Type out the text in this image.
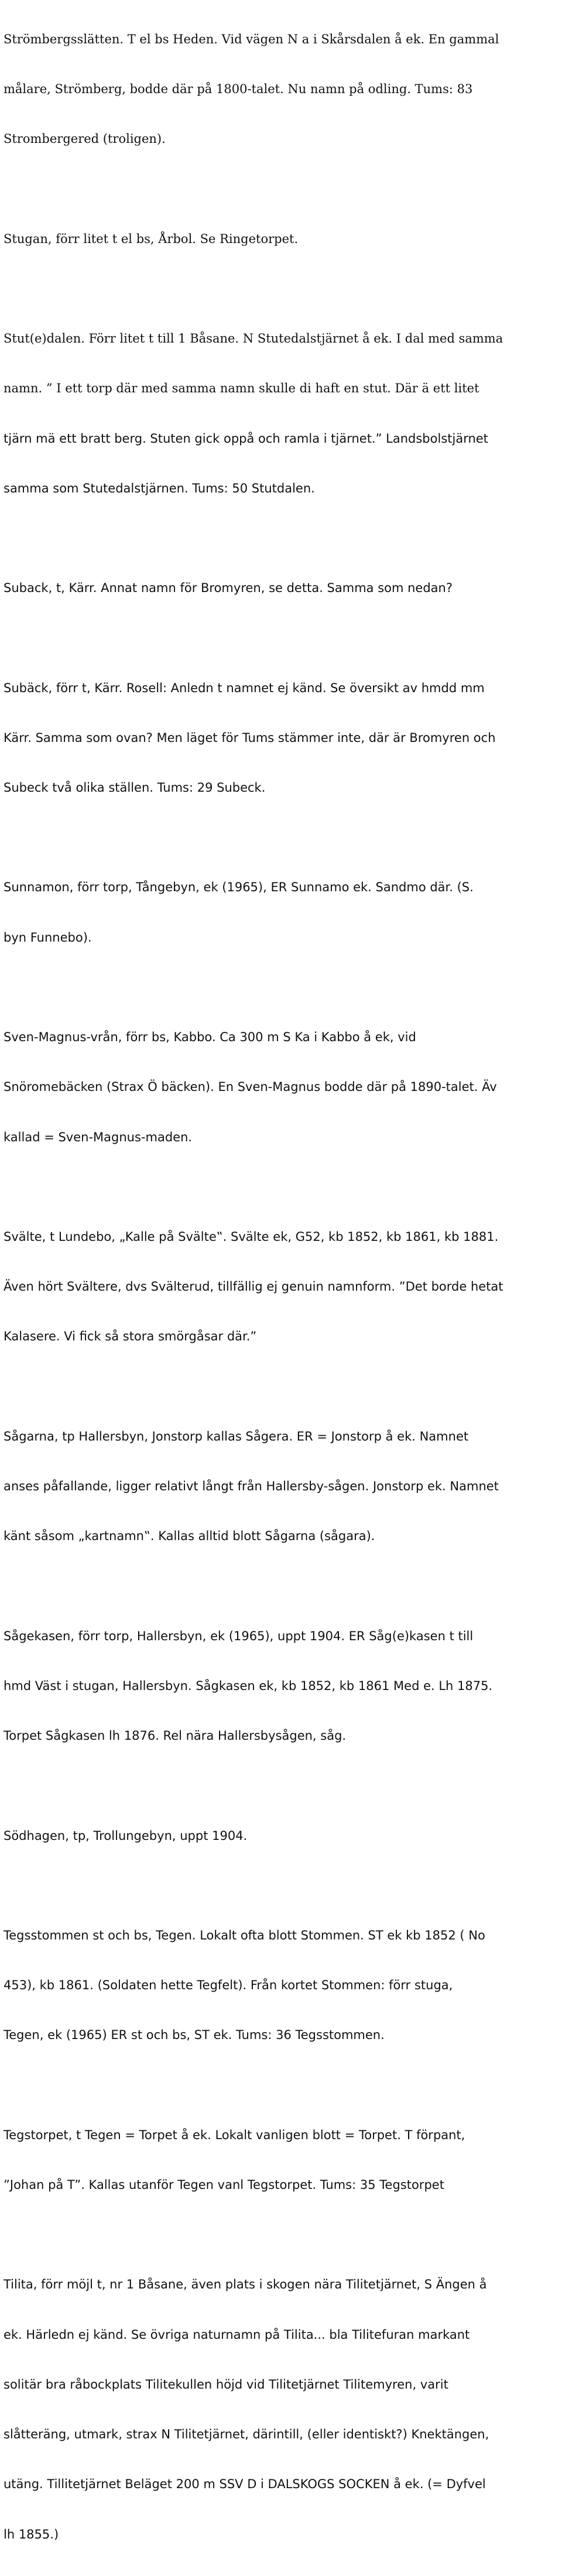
Strömbergsslätten. T el bs Heden. Vid vägen N a i Skårsdalen å ek. En gammal

målare, Strömberg, bodde där på 1800-talet. Nu namn på odling. Tums: 83

Strombergered (troligen).

Stugan, förr litet t el bs, Årbol. Se Ringetorpet.

Stut(e)dalen. Förr litet t till 1 Båsane. N Stutedalstjärnet å ek. I dal med samma

namn. ” I ett torp där med samma namn skulle di haft en stut. Där ä ett litet

tjärn mä ett bratt berg. Stuten gick oppå och ramla i tjärnet.” Landsbolstjärnet

samma som Stutedalstjärnen. Tums: 50 Stutdalen.

Suback, t, Kärr. Annat namn för Bromyren, se detta. Samma som nedan?

Subäck, förr t, Kärr. Rosell: Anledn t namnet ej känd. Se översikt av hmdd mm

Kärr. Samma som ovan? Men läget för Tums stämmer inte, där är Bromyren och

Subeck två olika ställen. Tums: 29 Subeck.

Sunnamon, förr torp, Tångebyn, ek (1965), ER Sunnamo ek. Sandmo där. (S.

byn Funnebo).

Sven-Magnus-vrån, förr bs, Kabbo. Ca 300 m S Ka i Kabbo å ek, vid

Snöromebäcken (Strax Ö bäcken). En Sven-Magnus bodde där på 1890-talet. Äv

kallad = Sven-Magnus-maden.

Svälte, t Lundebo, „Kalle på Svälte‟. Svälte ek, G52, kb 1852, kb 1861, kb 1881.

Även hört Svältere, dvs Svälterud, tillfällig ej genuin namnform. ”Det borde hetat

Kalasere. Vi fick så stora smörgåsar där.”

Sågarna, tp Hallersbyn, Jonstorp kallas Sågera. ER = Jonstorp å ek. Namnet

anses påfallande, ligger relativt långt från Hallersby-sågen. Jonstorp ek. Namnet

känt såsom „kartnamn‟. Kallas alltid blott Sågarna (sågara).

Sågekasen, förr torp, Hallersbyn, ek (1965), uppt 1904. ER Såg(e)kasen t till

hmd Väst i stugan, Hallersbyn. Sågkasen ek, kb 1852, kb 1861 Med e. Lh 1875.

Torpet Sågkasen lh 1876. Rel nära Hallersbysågen, såg.

Södhagen, tp, Trollungebyn, uppt 1904.

Tegsstommen st och bs, Tegen. Lokalt ofta blott Stommen. ST ek kb 1852 ( No

453), kb 1861. (Soldaten hette Tegfelt). Från kortet Stommen: förr stuga,

Tegen, ek (1965) ER st och bs, ST ek. Tums: 36 Tegsstommen.

Tegstorpet, t Tegen = Torpet å ek. Lokalt vanligen blott = Torpet. T förpant,

”Johan på T”. Kallas utanför Tegen vanl Tegstorpet. Tums: 35 Tegstorpet

Tilita, förr möjl t, nr 1 Båsane, även plats i skogen nära Tilitetjärnet, S Ängen å

ek. Härledn ej känd. Se övriga naturnamn på Tilita... bla Tilitefuran markant

solitär bra råbockplats Tilitekullen höjd vid Tilitetjärnet Tilitemyren, varit

slåtteräng, utmark, strax N Tilitetjärnet, därintill, (eller identiskt?) Knektängen,

utäng. Tillitetjärnet Beläget 200 m SSV D i DALSKOGS SOCKEN å ek. (= Dyfvel

lh 1855.)
